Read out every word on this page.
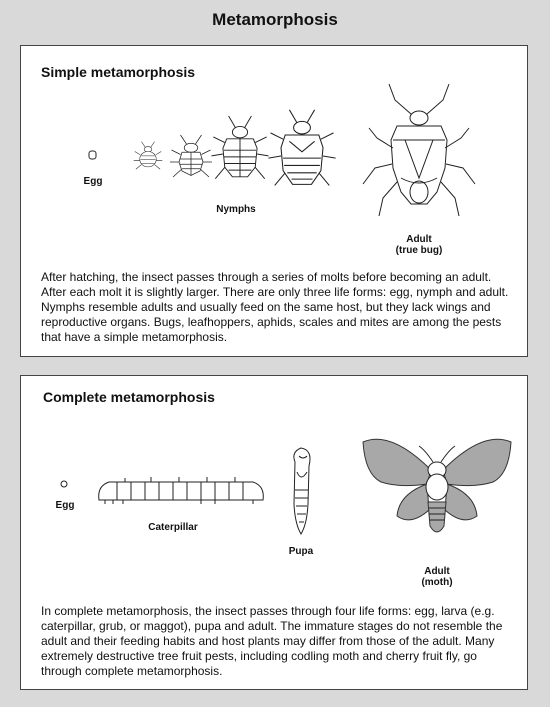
Metamorphosis
Simple metamorphosis
Egg
Nymphs
Adult
(true bug)
After hatching, the insect passes through a series of molts before becoming an adult. After each molt it is slightly larger. There are only three life forms: egg, nymph and adult. Nymphs resemble adults and usually feed on the same host, but they lack wings and reproductive organs. Bugs, leafhoppers, aphids, scales and mites are among the pests that have a simple metamorphosis.
Complete metamorphosis
Egg
Caterpillar
Pupa
Adult
(moth)
In complete metamorphosis, the insect passes through four life forms: egg, larva (e.g. caterpillar, grub, or maggot), pupa and adult. The immature stages do not resemble the adult and their feeding habits and host plants may differ from those of the adult. Many extremely destructive tree fruit pests, including codling moth and cherry fruit fly, go through complete metamorphosis.
